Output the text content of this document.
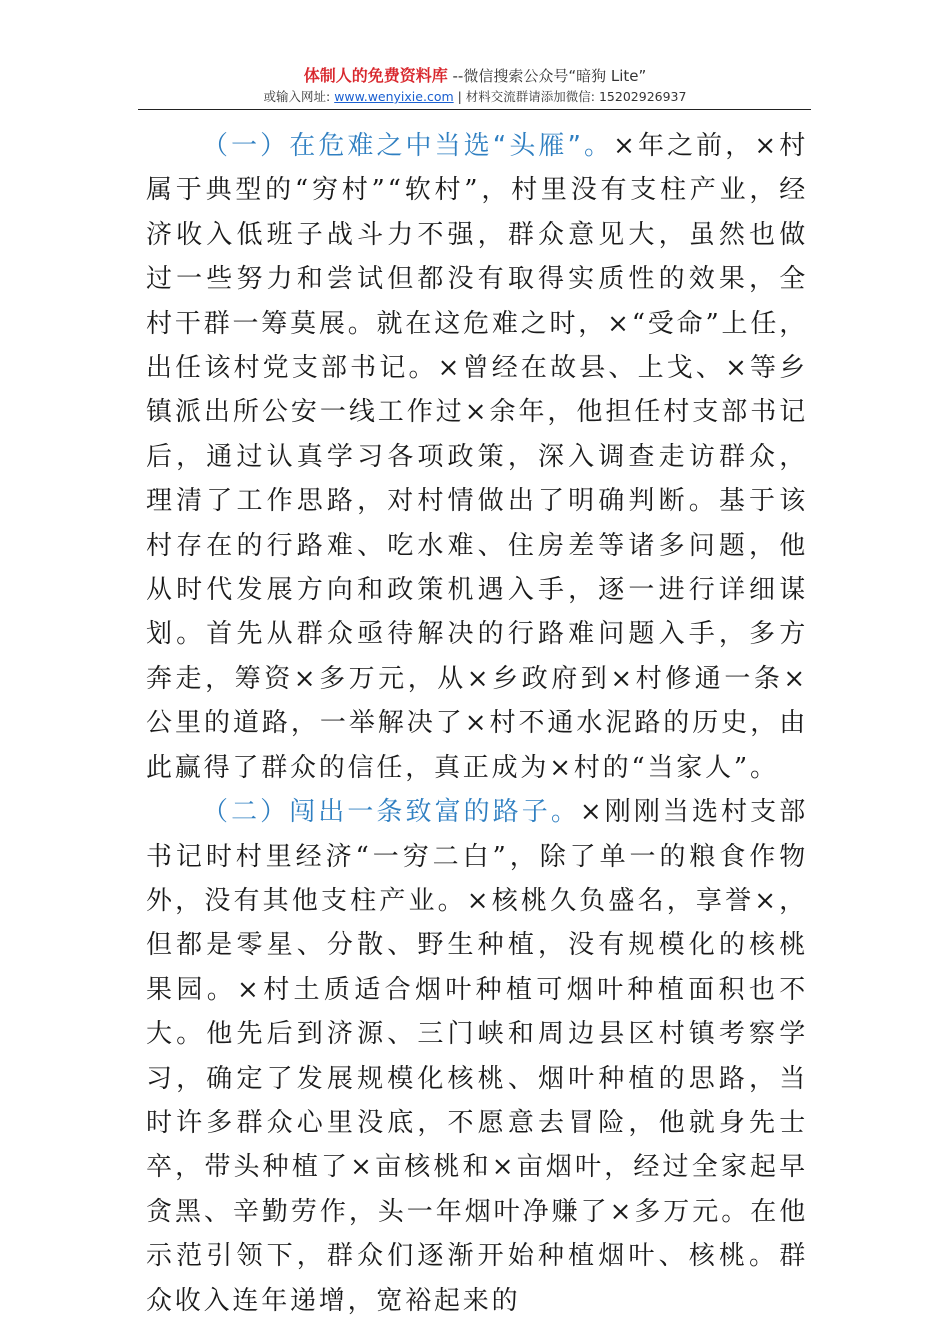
体制人的免费资料库 --微信搜索公众号“暗狗 Lite”
或输入网址: www.wenyixie.com | 材料交流群请添加微信: 15202926937

（一）在危难之中当选“头雁”。×年之前，×村属于典型的“穷村”“软村”，村里没有支柱产业，经济收入低班子战斗力不强，群众意见大，虽然也做过一些努力和尝试但都没有取得实质性的效果，全村干群一筹莫展。就在这危难之时，×“受命”上任，出任该村党支部书记。×曾经在故县、上戈、×等乡镇派出所公安一线工作过×余年，他担任村支部书记后，通过认真学习各项政策，深入调查走访群众，理清了工作思路，对村情做出了明确判断。基于该村存在的行路难、吃水难、住房差等诸多问题，他从时代发展方向和政策机遇入手，逐一进行详细谋划。首先从群众亟待解决的行路难问题入手，多方奔走，筹资×多万元，从×乡政府到×村修通一条×公里的道路，一举解决了×村不通水泥路的历史，由此赢得了群众的信任，真正成为×村的“当家人”。

（二）闯出一条致富的路子。×刚刚当选村支部书记时村里经济“一穷二白”，除了单一的粮食作物外，没有其他支柱产业。×核桃久负盛名，享誉×，但都是零星、分散、野生种植，没有规模化的核桃果园。×村土质适合烟叶种植可烟叶种植面积也不大。他先后到济源、三门峡和周边县区村镇考察学习，确定了发展规模化核桃、烟叶种植的思路，当时许多群众心里没底，不愿意去冒险，他就身先士卒，带头种植了×亩核桃和×亩烟叶，经过全家起早贪黑、辛勤劳作，头一年烟叶净赚了×多万元。在他示范引领下，群众们逐渐开始种植烟叶、核桃。群众收入连年递增，宽裕起来的
